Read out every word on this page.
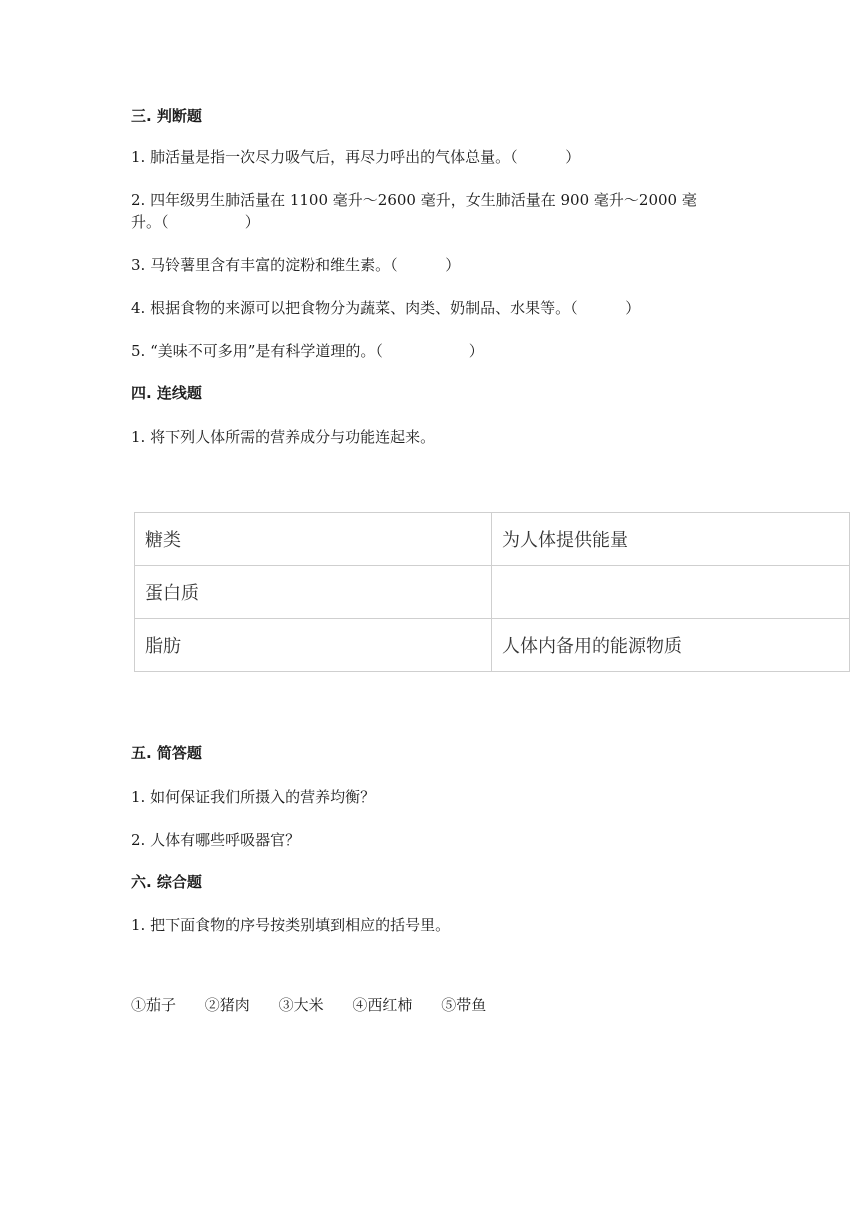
三. 判断题
1. 肺活量是指一次尽力吸气后，再尽力呼出的气体总量。（          ）
2. 四年级男生肺活量在 1100 毫升～2600 毫升，女生肺活量在 900 毫升～2000 毫升。（                ）
3. 马铃薯里含有丰富的淀粉和维生素。（          ）
4. 根据食物的来源可以把食物分为蔬菜、肉类、奶制品、水果等。（          ）
5. “美味不可多用”是有科学道理的。（                  ）
四. 连线题
1. 将下列人体所需的营养成分与功能连起来。
糖类	为人体提供能量
蛋白质	
脂肪	人体内备用的能源物质
五. 简答题
1. 如何保证我们所摄入的营养均衡？
2. 人体有哪些呼吸器官？
六. 综合题
1. 把下面食物的序号按类别填到相应的括号里。
①茄子 ②猪肉 ③大米 ④西红柿 ⑤带鱼
